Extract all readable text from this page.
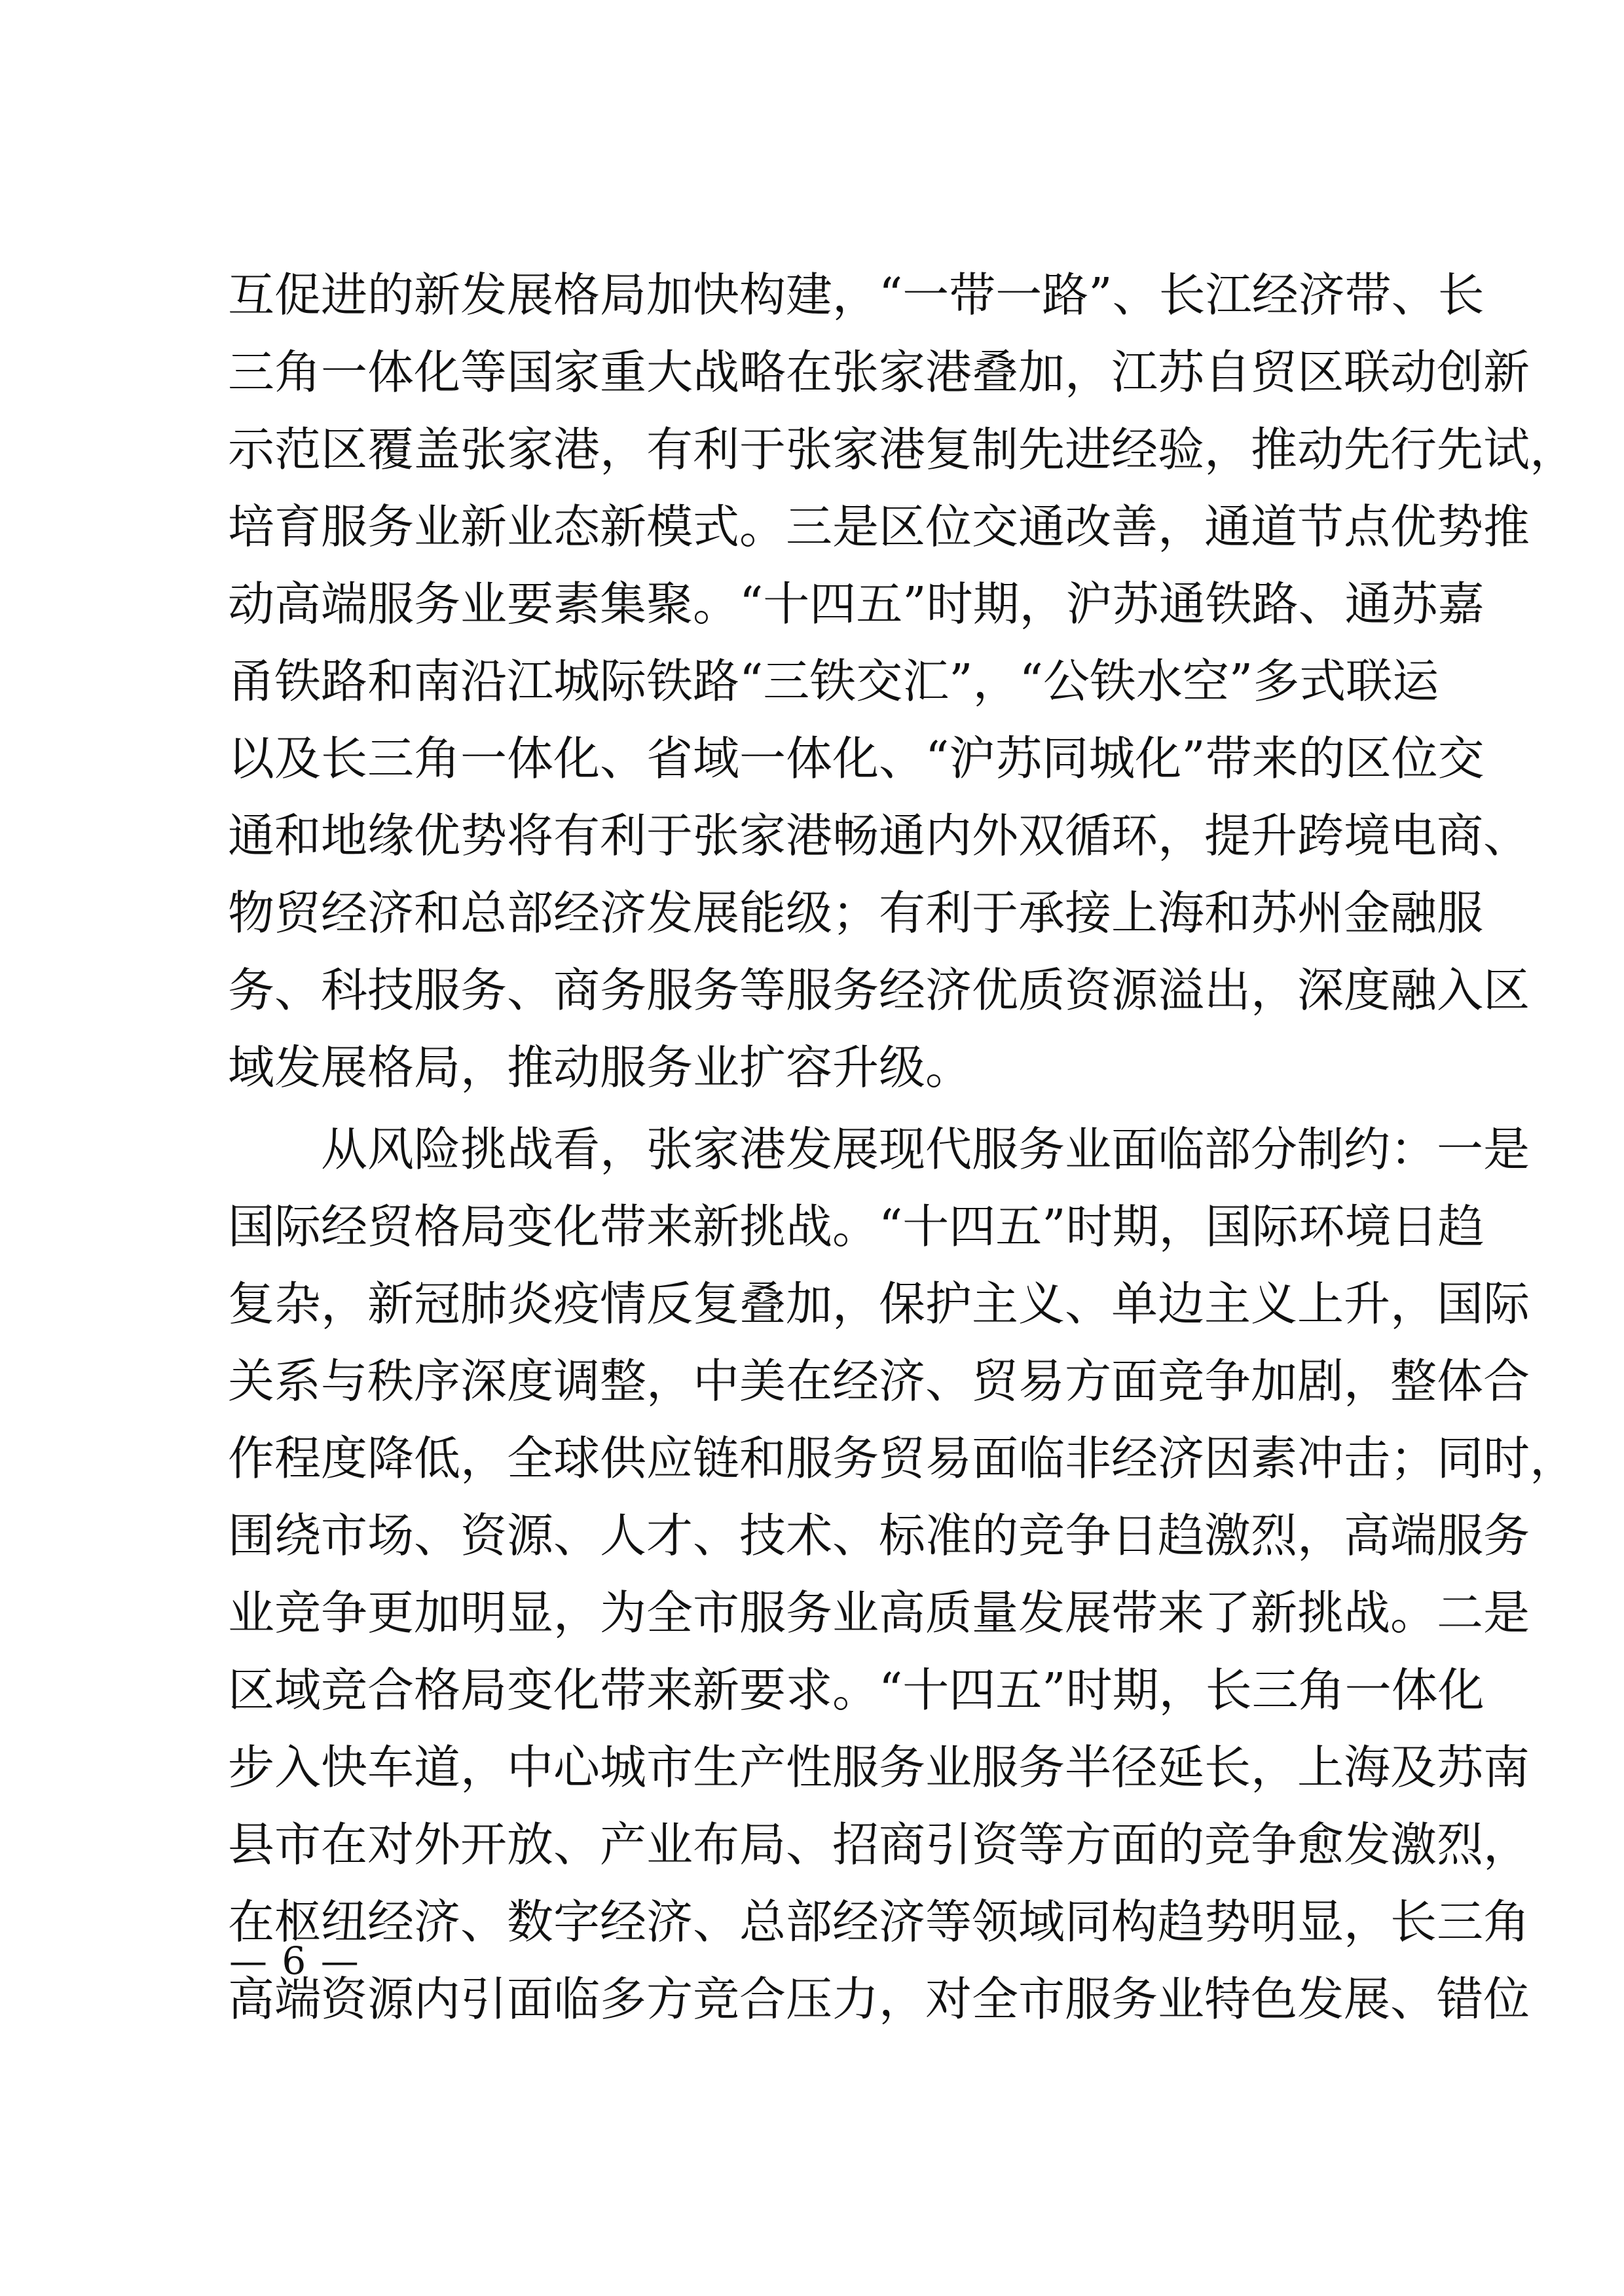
互促进的新发展格局加快构建，“一带一路”、长江经济带、长
三角一体化等国家重大战略在张家港叠加，江苏自贸区联动创新
示范区覆盖张家港，有利于张家港复制先进经验，推动先行先试，
培育服务业新业态新模式。三是区位交通改善，通道节点优势推
动高端服务业要素集聚。“十四五”时期，沪苏通铁路、通苏嘉
甬铁路和南沿江城际铁路“三铁交汇”，“公铁水空”多式联运
以及长三角一体化、省域一体化、“沪苏同城化”带来的区位交
通和地缘优势将有利于张家港畅通内外双循环，提升跨境电商、
物贸经济和总部经济发展能级；有利于承接上海和苏州金融服
务、科技服务、商务服务等服务经济优质资源溢出，深度融入区
域发展格局，推动服务业扩容升级。
从风险挑战看，张家港发展现代服务业面临部分制约：一是
国际经贸格局变化带来新挑战。“十四五”时期，国际环境日趋
复杂，新冠肺炎疫情反复叠加，保护主义、单边主义上升，国际
关系与秩序深度调整，中美在经济、贸易方面竞争加剧，整体合
作程度降低，全球供应链和服务贸易面临非经济因素冲击；同时，
围绕市场、资源、人才、技术、标准的竞争日趋激烈，高端服务
业竞争更加明显，为全市服务业高质量发展带来了新挑战。二是
区域竞合格局变化带来新要求。“十四五”时期，长三角一体化
步入快车道，中心城市生产性服务业服务半径延长，上海及苏南
县市在对外开放、产业布局、招商引资等方面的竞争愈发激烈，
在枢纽经济、数字经济、总部经济等领域同构趋势明显，长三角
高端资源内引面临多方竞合压力，对全市服务业特色发展、错位
— 6 —
